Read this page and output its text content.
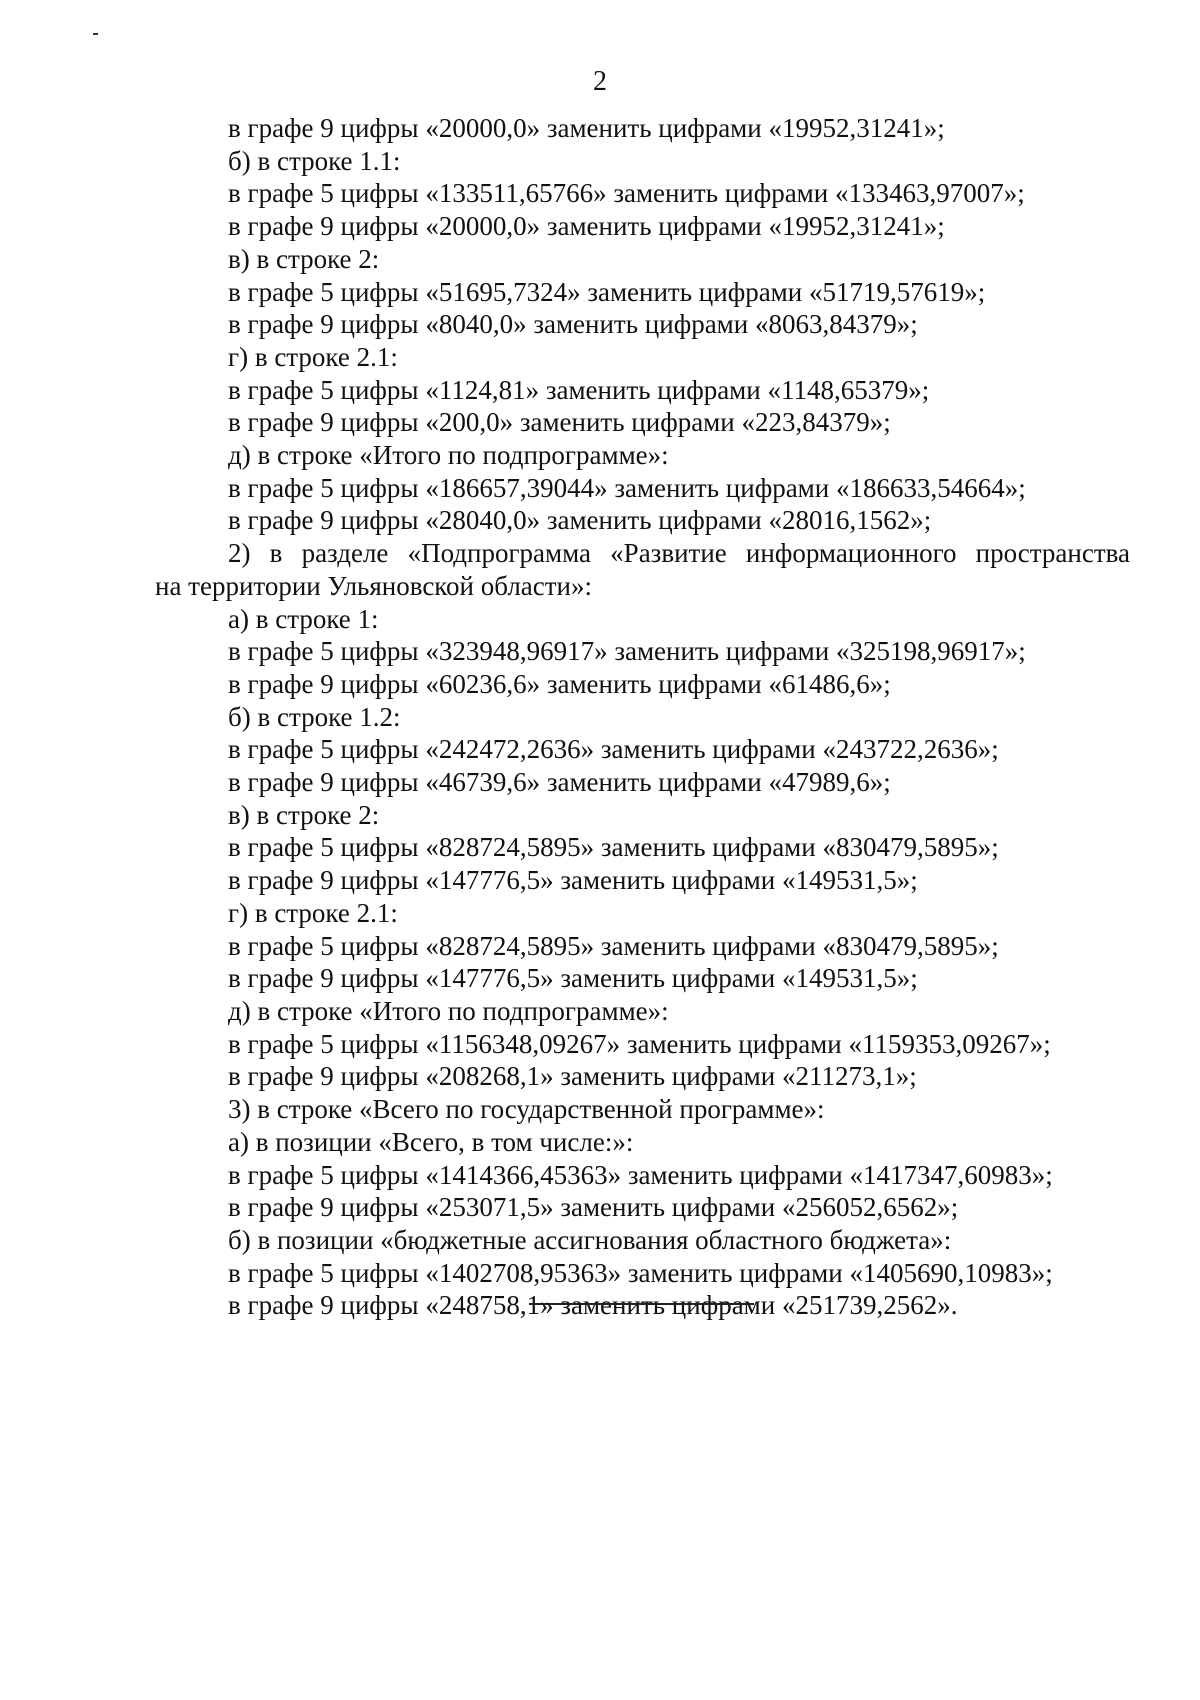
2

в графе 9 цифры «20000,0» заменить цифрами «19952,31241»;

б) в строке 1.1:

в графе 5 цифры «133511,65766» заменить цифрами «133463,97007»;

в графе 9 цифры «20000,0» заменить цифрами «19952,31241»;

в) в строке 2:

в графе 5 цифры «51695,7324» заменить цифрами «51719,57619»;

в графе 9 цифры «8040,0» заменить цифрами «8063,84379»;

г) в строке 2.1:

в графе 5 цифры «1124,81» заменить цифрами «1148,65379»;

в графе 9 цифры «200,0» заменить цифрами «223,84379»;

д) в строке «Итого по подпрограмме»:

в графе 5 цифры «186657,39044» заменить цифрами «186633,54664»;

в графе 9 цифры «28040,0» заменить цифрами «28016,1562»;

2) в разделе «Подпрограмма «Развитие информационного пространства

на территории Ульяновской области»:

а) в строке 1:

в графе 5 цифры «323948,96917» заменить цифрами «325198,96917»;

в графе 9 цифры «60236,6» заменить цифрами «61486,6»;

б) в строке 1.2:

в графе 5 цифры «242472,2636» заменить цифрами «243722,2636»;

в графе 9 цифры «46739,6» заменить цифрами «47989,6»;

в) в строке 2:

в графе 5 цифры «828724,5895» заменить цифрами «830479,5895»;

в графе 9 цифры «147776,5» заменить цифрами «149531,5»;

г) в строке 2.1:

в графе 5 цифры «828724,5895» заменить цифрами «830479,5895»;

в графе 9 цифры «147776,5» заменить цифрами «149531,5»;

д) в строке «Итого по подпрограмме»:

в графе 5 цифры «1156348,09267» заменить цифрами «1159353,09267»;

в графе 9 цифры «208268,1» заменить цифрами «211273,1»;

3) в строке «Всего по государственной программе»:

а) в позиции «Всего, в том числе:»:

в графе 5 цифры «1414366,45363» заменить цифрами «1417347,60983»;

в графе 9 цифры «253071,5» заменить цифрами «256052,6562»;

б) в позиции «бюджетные ассигнования областного бюджета»:

в графе 5 цифры «1402708,95363» заменить цифрами «1405690,10983»;

в графе 9 цифры «248758,1» заменить цифрами «251739,2562».
